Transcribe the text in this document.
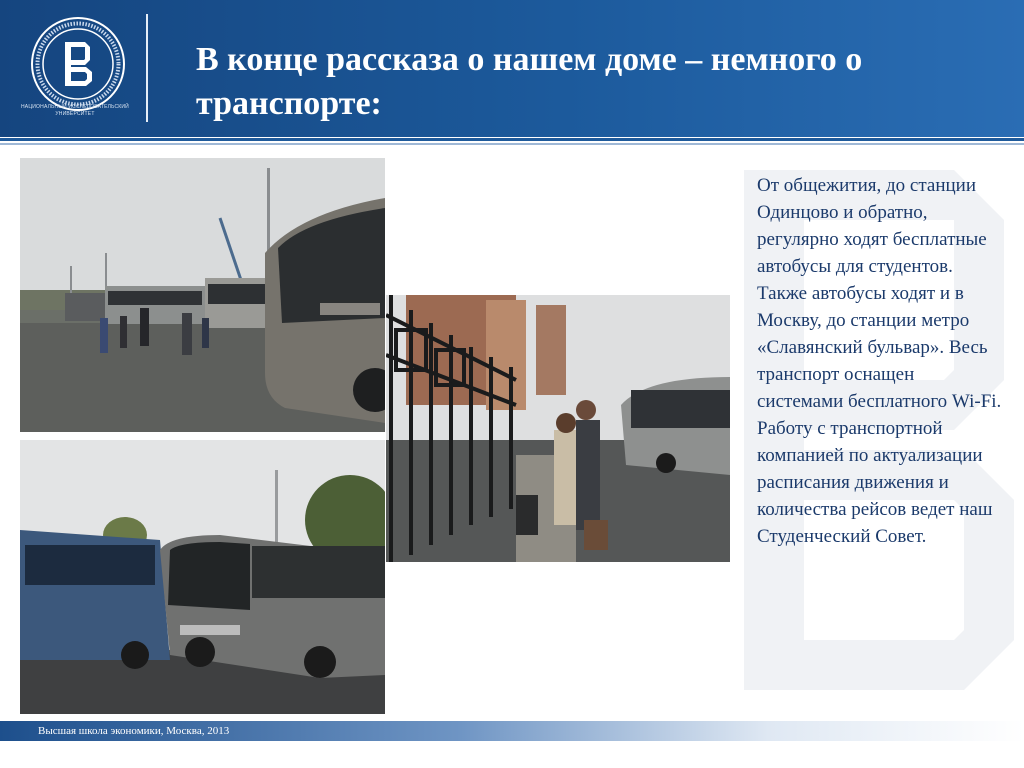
НАЦИОНАЛЬНЫЙ ИССЛЕДОВАТЕЛЬСКИЙ УНИВЕРСИТЕТ
В конце рассказа о нашем доме – немного о транспорте:

От общежития, до станции Одинцово и обратно, регулярно ходят бесплатные автобусы для студентов. Также автобусы ходят и в Москву, до станции метро «Славянский бульвар». Весь транспорт оснащен системами бесплатного Wi-Fi.

Работу с транспортной компанией по актуализации расписания движения и количества рейсов ведет наш Студенческий Совет.

Высшая школа экономики, Москва, 2013
